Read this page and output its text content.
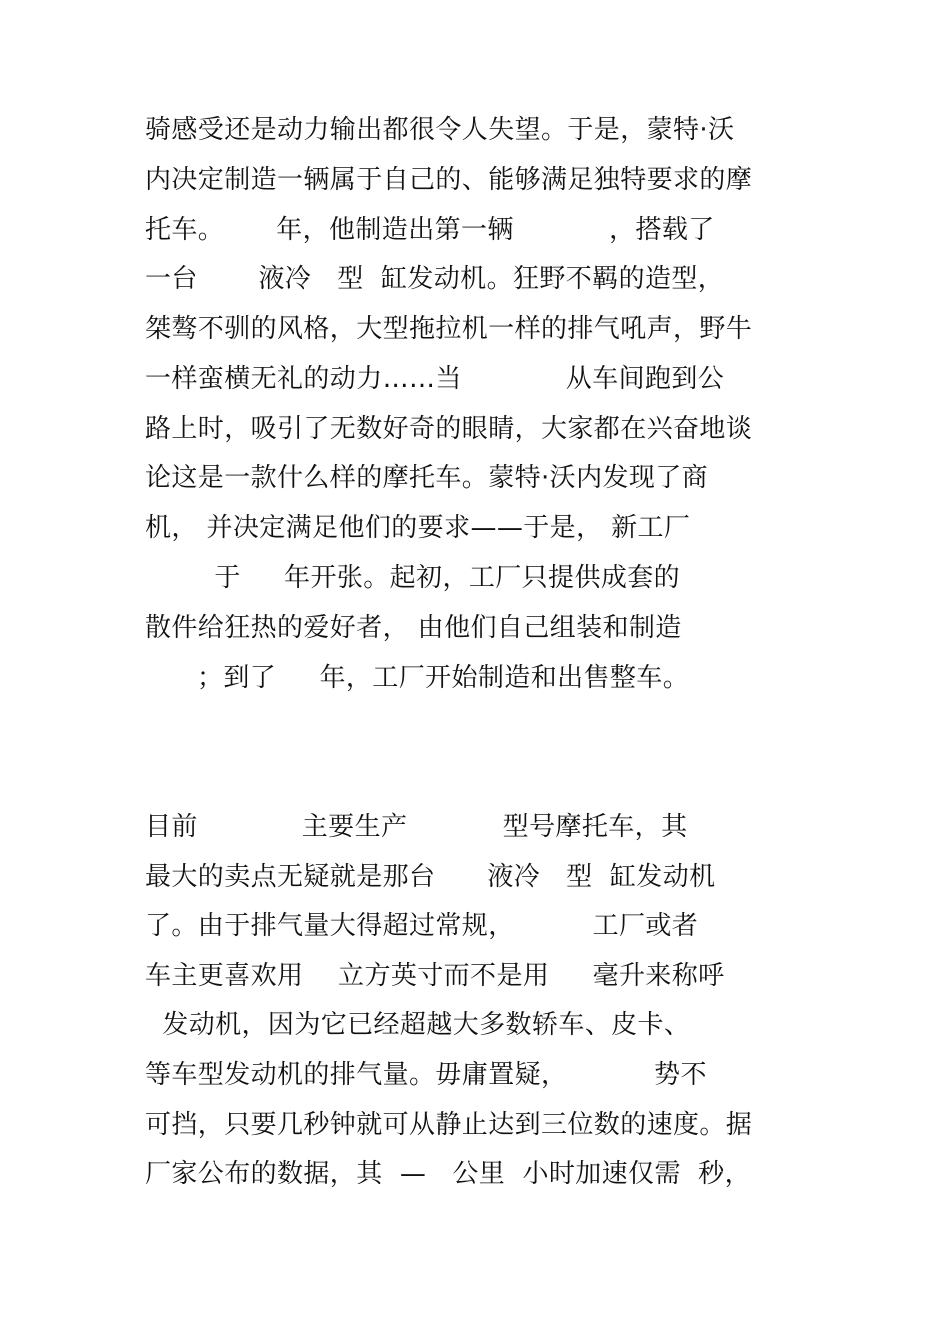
骑感受还是动力输出都很令人失望。于是，蒙特·沃
内决定制造一辆属于自己的、能够满足独特要求的摩
托车。      年，他制造出第一辆           ，搭载了
一台       液冷   型  缸发动机。狂野不羁的造型，
桀骜不驯的风格，大型拖拉机一样的排气吼声，野牛
一样蛮横无礼的动力……当            从车间跑到公
路上时，吸引了无数好奇的眼睛，大家都在兴奋地谈
论这是一款什么样的摩托车。蒙特·沃内发现了商
机， 并决定满足他们的要求——于是， 新工厂
于     年开张。起初，工厂只提供成套的
散件给狂热的爱好者， 由他们自己组装和制造
；到了     年，工厂开始制造和出售整车。
目前            主要生产           型号摩托车，其
最大的卖点无疑就是那台      液冷   型  缸发动机
了。由于排气量大得超过常规，         工厂或者
车主更喜欢用    立方英寸而不是用     毫升来称呼
发动机，因为它已经超越大多数轿车、皮卡、
等车型发动机的排气量。毋庸置疑，          势不
可挡，只要几秒钟就可从静止达到三位数的速度。据
厂家公布的数据，其  —   公里  小时加速仅需  秒，
